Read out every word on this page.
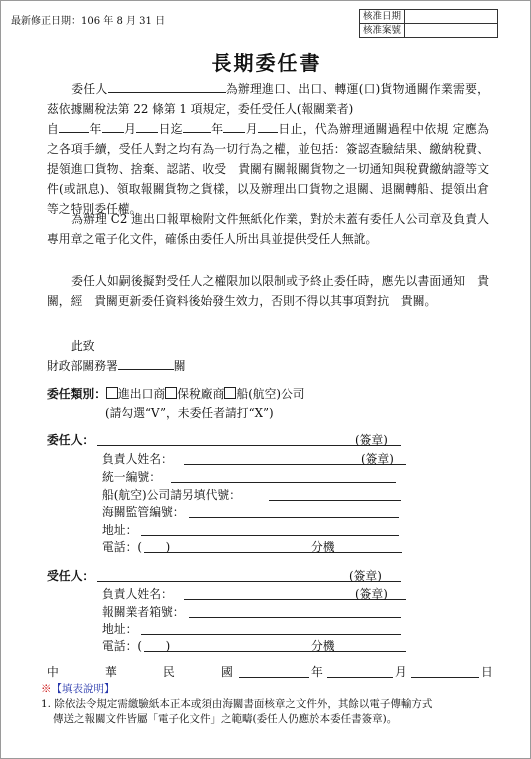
最新修正日期：106 年 8 月 31 日	核准日期	
核准案號	
長期委任書
委任人	為辦理進口、出口、轉運(口)貨物通關作業需要，茲依據關稅法第 22 條第 1 項規定，委任受任人(報關業者)
自	年 月 日迄 年 月 日止，代為辦理通關過程中依規 定應為之各項手續，受任人對之均有為一切行為之權，並包括：簽認查驗結果、繳納稅費、提領進口貨物、捨棄、認諾、收受　貴關有關報關貨物之一切通知與稅費繳納證等文件(或訊息)、領取報關貨物之貨樣，以及辦理出口貨物之退關、退關轉船、提領出倉等之特別委任權。
為辦理 C2 進出口報單檢附文件無紙化作業，對於未蓋有委任人公司章及負責人專用章之電子化文件，確係由委任人所出具並提供受任人無訛。
委任人如嗣後擬對受任人之權限加以限制或予終止委任時，應先以書面通知　貴關，經　貴關更新委任資料後始發生效力，否則不得以其事項對抗　貴關。
此致
財政部關務署	關
委任類別： 進出口商 保稅廠商 船(航空)公司
(請勾選“V”，未委任者請打“X”)
委任人：	(簽章)
負責人姓名：	(簽章)
統一編號：
船(航空)公司請另填代號：
海關監管編號：
地址：
電話：(　　)	分機
受任人：	(簽章)
負責人姓名：	(簽章)
報關業者箱號：
地址：
電話：(　　)	分機
中	華	民	國	年	月	日
※【填表說明】
1. 除依法令規定需繳驗紙本正本或須由海關書面核章之文件外，其餘以電子傳輸方式
傳送之報關文件皆屬「電子化文件」之範疇(委任人仍應於本委任書簽章)。
